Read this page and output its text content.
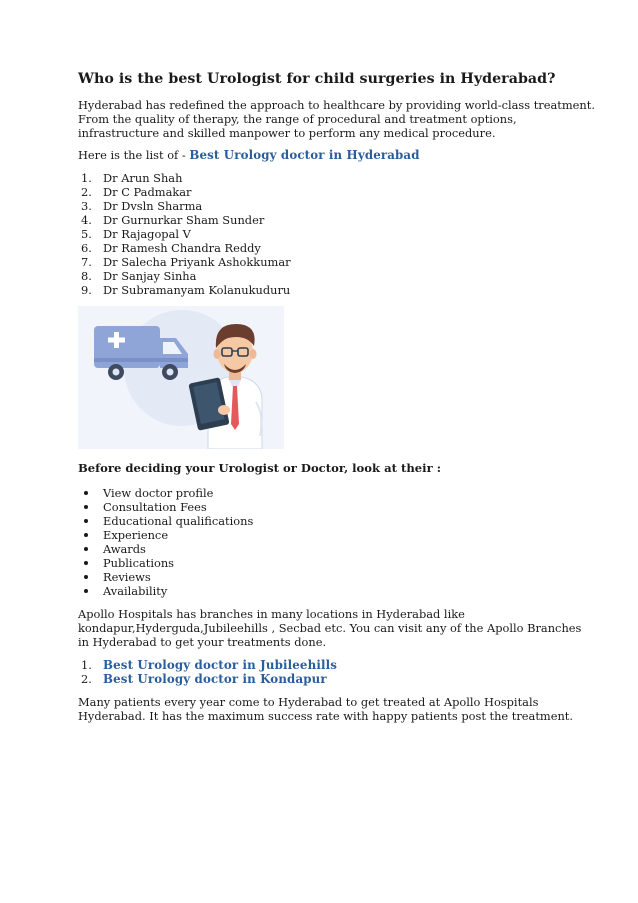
Who is the best Urologist for child surgeries in Hyderabad?

Hyderabad has redefined the approach to healthcare by providing world-class treatment.

From the quality of therapy, the range of procedural and treatment options,

infrastructure and skilled manpower to perform any medical procedure.

Here is the list of - Best Urology doctor in Hyderabad

1. Dr Arun Shah
2. Dr C Padmakar
3. Dr Dvsln Sharma
4. Dr Gurnurkar Sham Sunder
5. Dr Rajagopal V
6. Dr Ramesh Chandra Reddy
7. Dr Salecha Priyank Ashokkumar
8. Dr Sanjay Sinha
9. Dr Subramanyam Kolanukuduru
Before deciding your Urologist or Doctor, look at their :
View doctor profile
Consultation Fees
Educational qualifications
Experience
Awards
Publications
Reviews
Availability

Apollo Hospitals has branches in many locations in Hyderabad like

kondapur,Hyderguda,Jubileehills , Secbad etc. You can visit any of the Apollo Branches

in Hyderabad to get your treatments done.

1. Best Urology doctor in Jubileehills
2. Best Urology doctor in Kondapur

Many patients every year come to Hyderabad to get treated at Apollo Hospitals

Hyderabad. It has the maximum success rate with happy patients post the treatment.
